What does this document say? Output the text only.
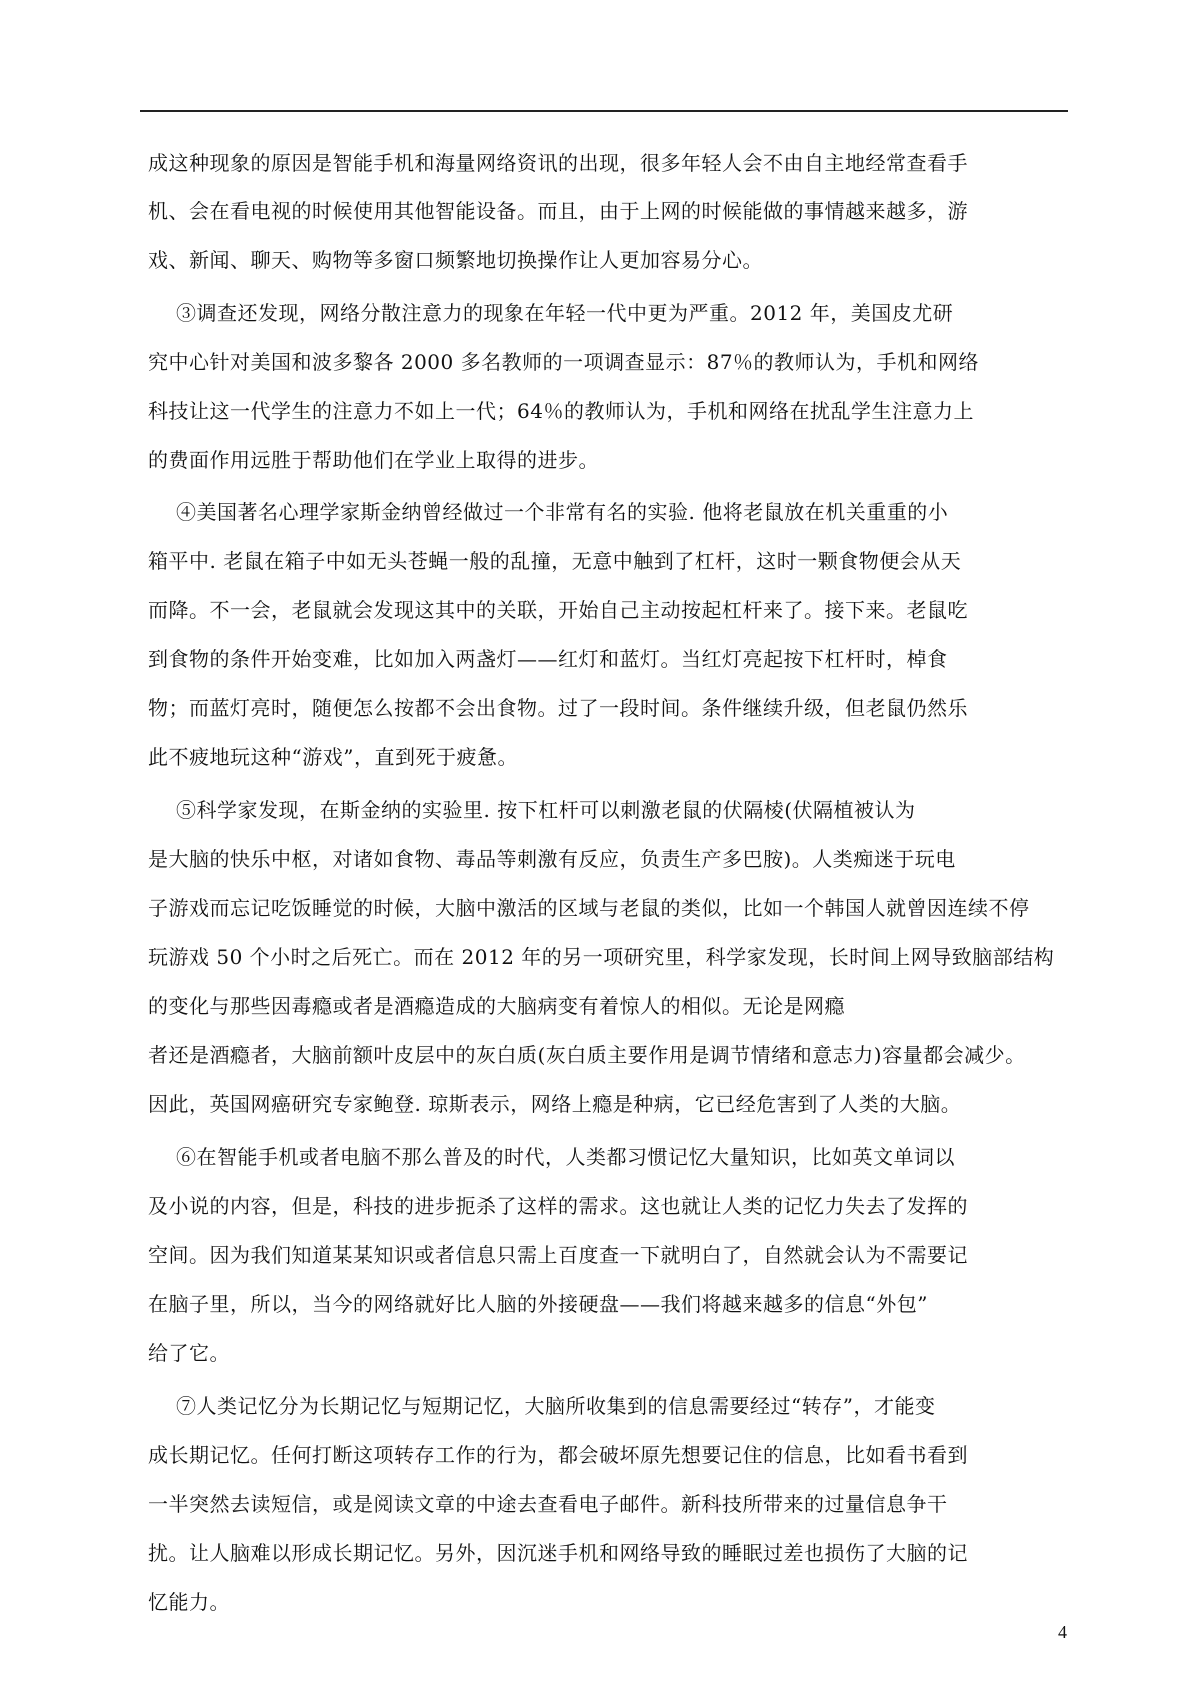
成这种现象的原因是智能手机和海量网络资讯的出现，很多年轻人会不由自主地经常查看手
机、会在看电视的时候使用其他智能设备。而且，由于上网的时候能做的事情越来越多，游
戏、新闻、聊天、购物等多窗口频繁地切换操作让人更加容易分心。
③调查还发现，网络分散注意力的现象在年轻一代中更为严重。2012 年，美国皮尤研
究中心针对美国和波多黎各 2000 多名教师的一项调查显示：87％的教师认为，手机和网络
科技让这一代学生的注意力不如上一代；64％的教师认为，手机和网络在扰乱学生注意力上
的费面作用远胜于帮助他们在学业上取得的进步。
④美国著名心理学家斯金纳曾经做过一个非常有名的实验. 他将老鼠放在机关重重的小
箱平中. 老鼠在箱子中如无头苍蝇一般的乱撞，无意中触到了杠杆，这时一颗食物便会从天
而降。不一会，老鼠就会发现这其中的关联，开始自己主动按起杠杆来了。接下来。老鼠吃
到食物的条件开始变难，比如加入两盏灯——红灯和蓝灯。当红灯亮起按下杠杆时，棹食
物；而蓝灯亮时，随便怎么按都不会出食物。过了一段时间。条件继续升级，但老鼠仍然乐
此不疲地玩这种“游戏”，直到死于疲惫。
⑤科学家发现，在斯金纳的实验里. 按下杠杆可以刺激老鼠的伏隔棱(伏隔植被认为
是大脑的快乐中枢，对诸如食物、毒品等刺激有反应，负责生产多巴胺)。人类痴迷于玩电
子游戏而忘记吃饭睡觉的时候，大脑中激活的区域与老鼠的类似，比如一个韩国人就曾因连续不停
玩游戏 50 个小时之后死亡。而在 2012 年的另一项研究里，科学家发现，长时间上网导致脑部结构
的变化与那些因毒瘾或者是酒瘾造成的大脑病变有着惊人的相似。无论是网瘾
者还是酒瘾者，大脑前额叶皮层中的灰白质(灰白质主要作用是调节情绪和意志力)容量都会减少。
因此，英国网癌研究专家鲍登. 琼斯表示，网络上瘾是种病，它已经危害到了人类的大脑。
⑥在智能手机或者电脑不那么普及的时代，人类都习惯记忆大量知识，比如英文单词以
及小说的内容，但是，科技的进步扼杀了这样的需求。这也就让人类的记忆力失去了发挥的
空间。因为我们知道某某知识或者信息只需上百度查一下就明白了，自然就会认为不需要记
在脑子里，所以，当今的网络就好比人脑的外接硬盘——我们将越来越多的信息“外包”
给了它。
⑦人类记忆分为长期记忆与短期记忆，大脑所收集到的信息需要经过“转存”，才能变
成长期记忆。任何打断这项转存工作的行为，都会破坏原先想要记住的信息，比如看书看到
一半突然去读短信，或是阅读文章的中途去查看电子邮件。新科技所带来的过量信息争干
扰。让人脑难以形成长期记忆。另外，因沉迷手机和网络导致的睡眠过差也损伤了大脑的记
忆能力。
4
